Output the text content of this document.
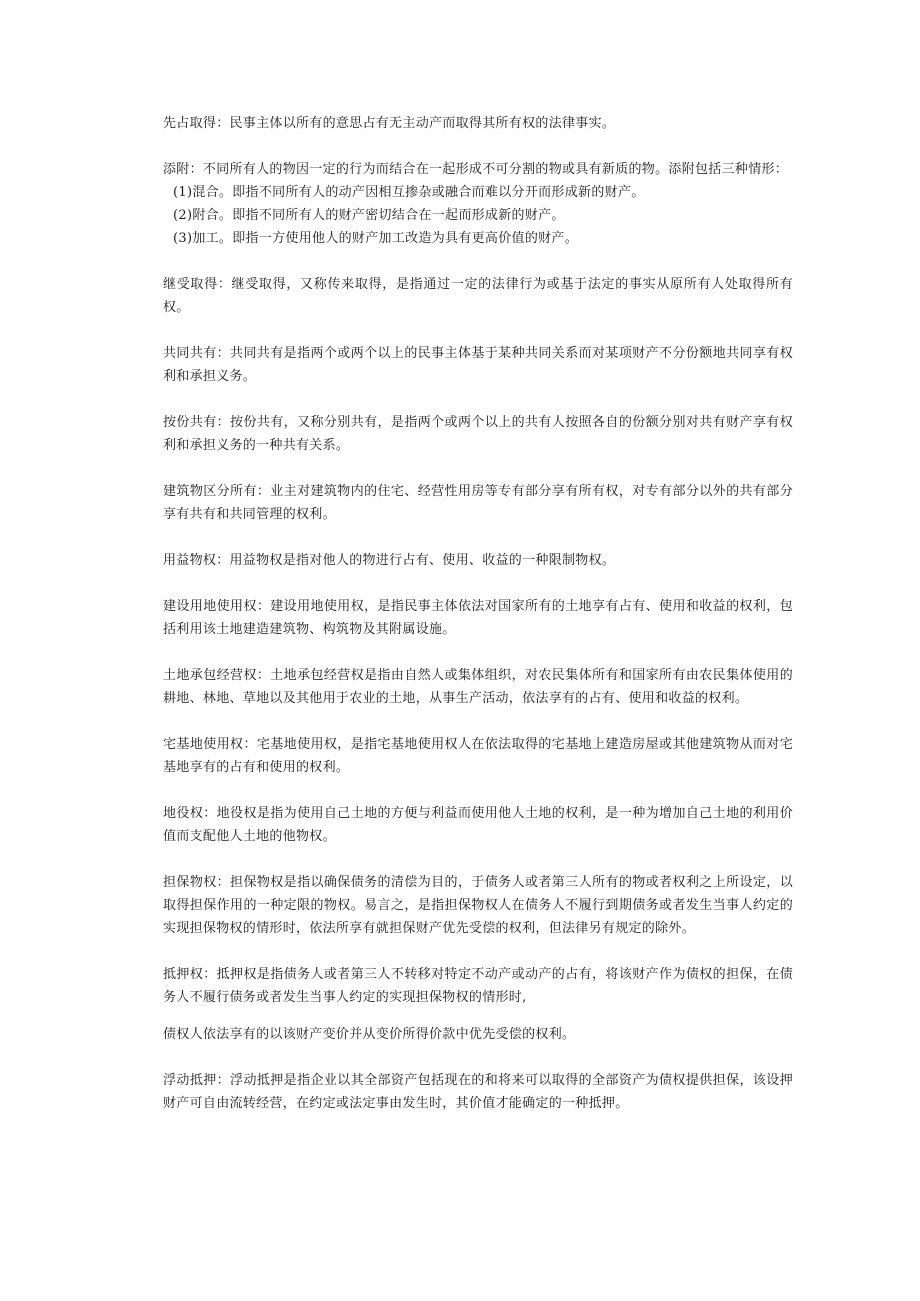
先占取得：民事主体以所有的意思占有无主动产而取得其所有权的法律事实。

添附：不同所有人的物因一定的行为而结合在一起形成不可分割的物或具有新质的物。添附包括三种情形：
(1)混合。即指不同所有人的动产因相互掺杂或融合而难以分开而形成新的财产。
(2)附合。即指不同所有人的财产密切结合在一起而形成新的财产。
(3)加工。即指一方使用他人的财产加工改造为具有更高价值的财产。

继受取得：继受取得，又称传来取得，是指通过一定的法律行为或基于法定的事实从原所有人处取得所有权。

共同共有：共同共有是指两个或两个以上的民事主体基于某种共同关系而对某项财产不分份额地共同享有权利和承担义务。

按份共有：按份共有，又称分别共有，是指两个或两个以上的共有人按照各自的份额分别对共有财产享有权利和承担义务的一种共有关系。

建筑物区分所有：业主对建筑物内的住宅、经营性用房等专有部分享有所有权，对专有部分以外的共有部分享有共有和共同管理的权利。

用益物权：用益物权是指对他人的物进行占有、使用、收益的一种限制物权。

建设用地使用权：建设用地使用权，是指民事主体依法对国家所有的土地享有占有、使用和收益的权利，包括利用该土地建造建筑物、构筑物及其附属设施。

土地承包经营权：土地承包经营权是指由自然人或集体组织，对农民集体所有和国家所有由农民集体使用的耕地、林地、草地以及其他用于农业的土地，从事生产活动，依法享有的占有、使用和收益的权利。

宅基地使用权：宅基地使用权，是指宅基地使用权人在依法取得的宅基地上建造房屋或其他建筑物从而对宅基地享有的占有和使用的权利。

地役权：地役权是指为使用自己土地的方便与利益而使用他人土地的权利，是一种为增加自己土地的利用价值而支配他人土地的他物权。

担保物权：担保物权是指以确保债务的清偿为目的，于债务人或者第三人所有的物或者权利之上所设定，以取得担保作用的一种定限的物权。易言之，是指担保物权人在债务人不履行到期债务或者发生当事人约定的实现担保物权的情形时，依法所享有就担保财产优先受偿的权利，但法律另有规定的除外。

抵押权：抵押权是指债务人或者第三人不转移对特定不动产或动产的占有，将该财产作为债权的担保，在债务人不履行债务或者发生当事人约定的实现担保物权的情形时,

债权人依法享有的以该财产变价并从变价所得价款中优先受偿的权利。

浮动抵押：浮动抵押是指企业以其全部资产包括现在的和将来可以取得的全部资产为债权提供担保，该设押财产可自由流转经营，在约定或法定事由发生时，其价值才能确定的一种抵押。
